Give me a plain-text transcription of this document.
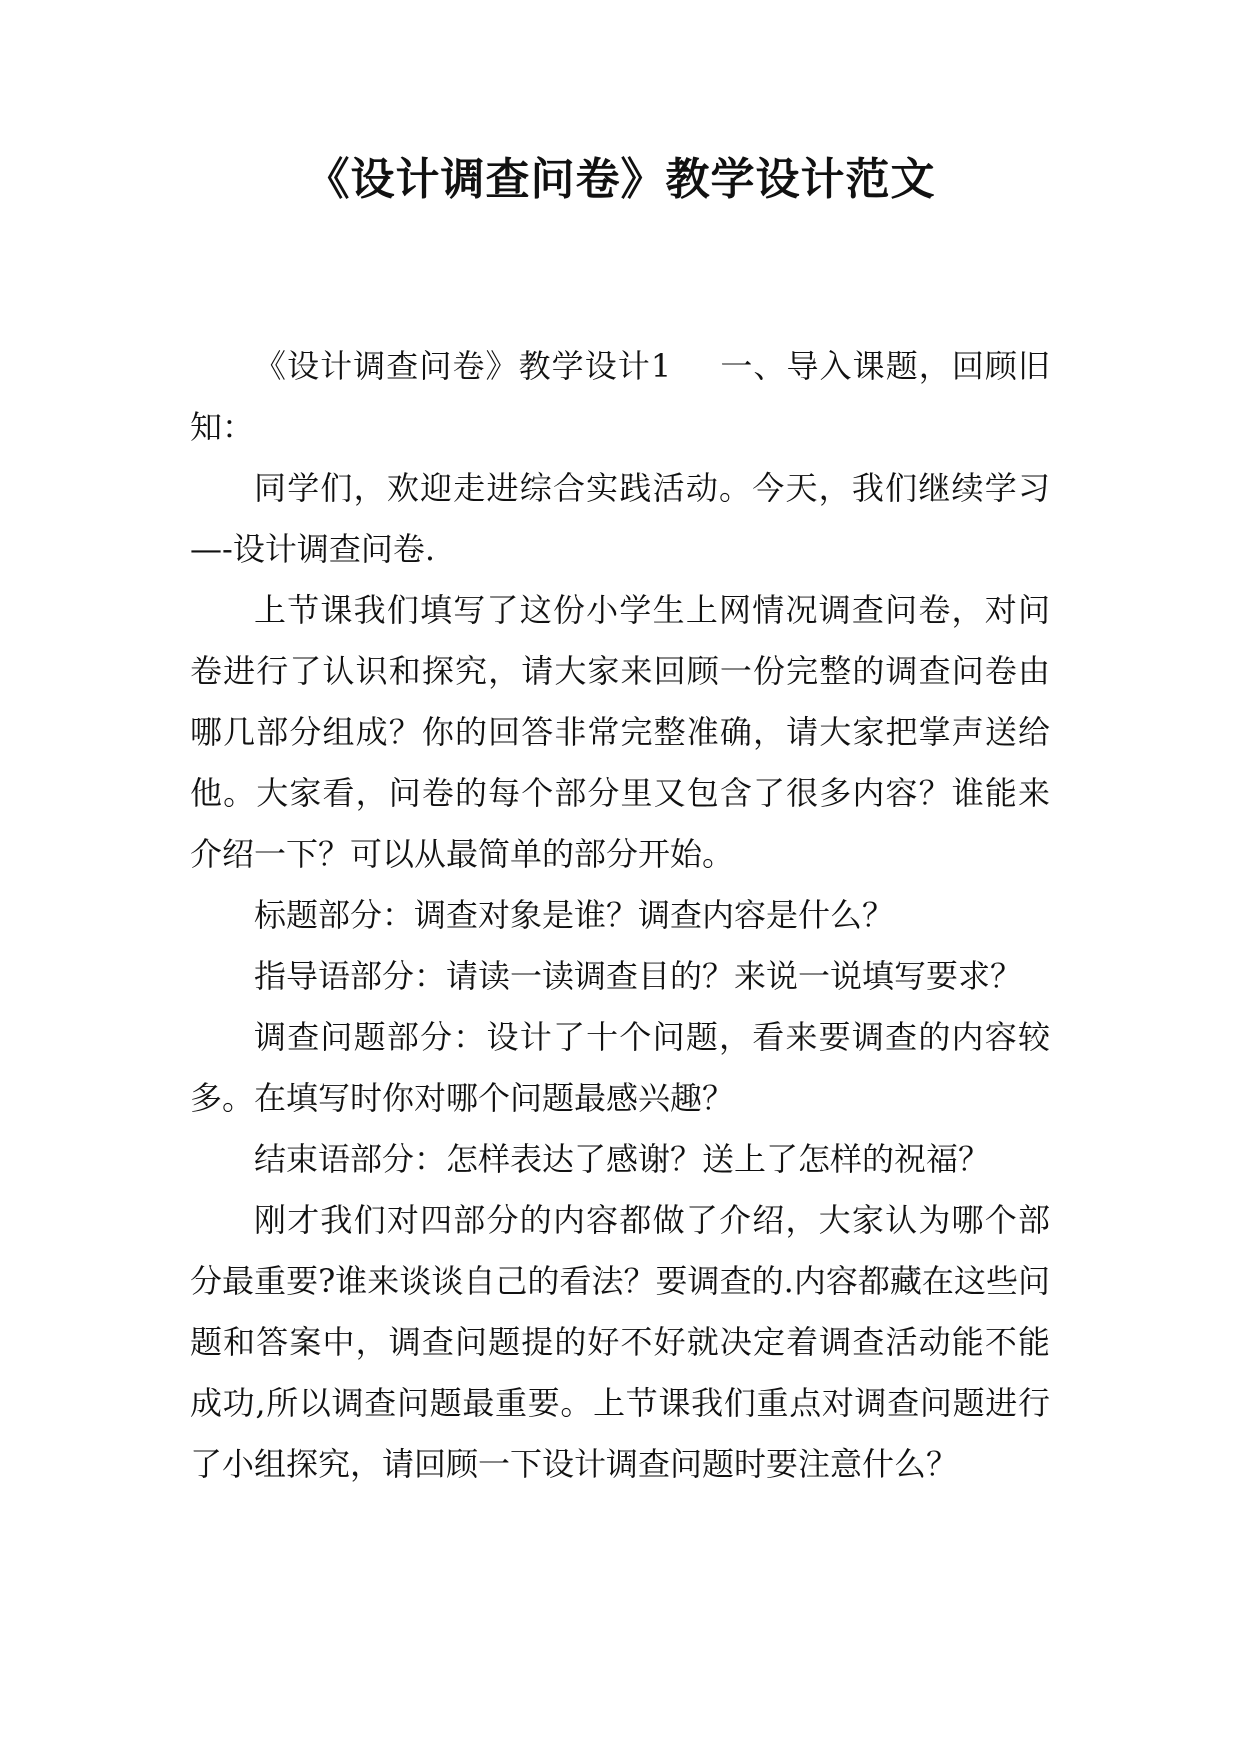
《设计调查问卷》教学设计范文

《设计调查问卷》教学设计1 一、导入课题，回顾旧知：

同学们，欢迎走进综合实践活动。今天，我们继续学习—-设计调查问卷.

上节课我们填写了这份小学生上网情况调查问卷，对问卷进行了认识和探究，请大家来回顾一份完整的调查问卷由哪几部分组成？你的回答非常完整准确，请大家把掌声送给他。大家看，问卷的每个部分里又包含了很多内容？谁能来介绍一下？可以从最简单的部分开始。

标题部分：调查对象是谁？调查内容是什么？

指导语部分：请读一读调查目的？来说一说填写要求？

调查问题部分：设计了十个问题，看来要调查的内容较多。在填写时你对哪个问题最感兴趣？

结束语部分：怎样表达了感谢？送上了怎样的祝福？

刚才我们对四部分的内容都做了介绍，大家认为哪个部分最重要?谁来谈谈自己的看法？要调查的.内容都藏在这些问题和答案中，调查问题提的好不好就决定着调查活动能不能成功,所以调查问题最重要。上节课我们重点对调查问题进行了小组探究，请回顾一下设计调查问题时要注意什么？
